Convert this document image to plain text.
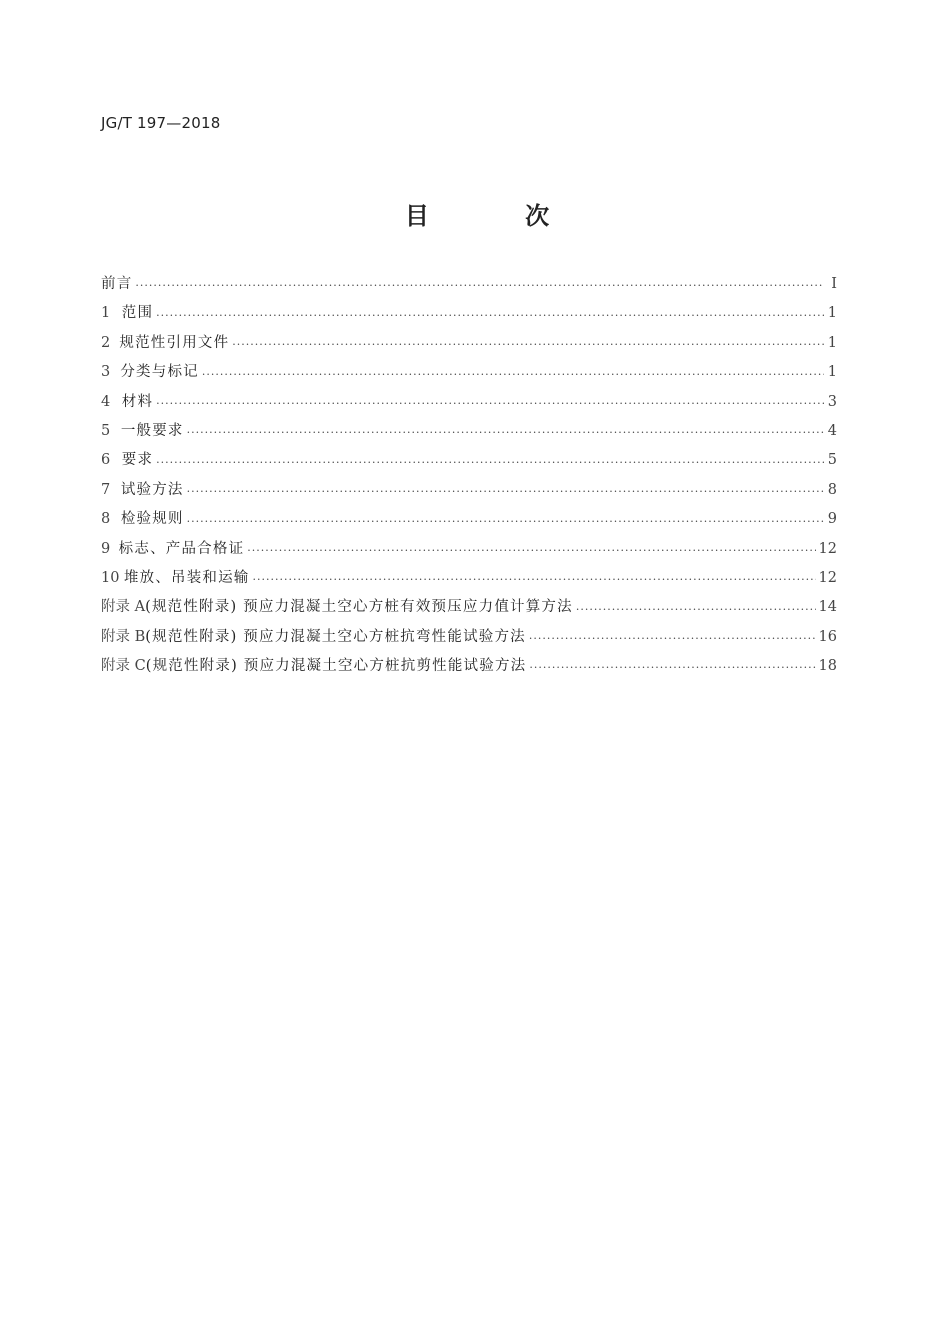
JG/T 197—2018
目 次
前言 ·····	I
1 范围 ·····	1
2 规范性引用文件 ·····	1
3 分类与标记 ·····	1
4 材料 ·····	3
5 一般要求 ·····	4
6 要求 ·····	5
7 试验方法 ·····	8
8 检验规则 ·····	9
9 标志、产品合格证 ·····	12
10 堆放、吊装和运输 ·····	12
附录 A (规范性附录) 预应力混凝土空心方桩有效预压应力值计算方法 ·····	14
附录 B (规范性附录) 预应力混凝土空心方桩抗弯性能试验方法 ·····	16
附录 C (规范性附录) 预应力混凝土空心方桩抗剪性能试验方法 ·····	18
